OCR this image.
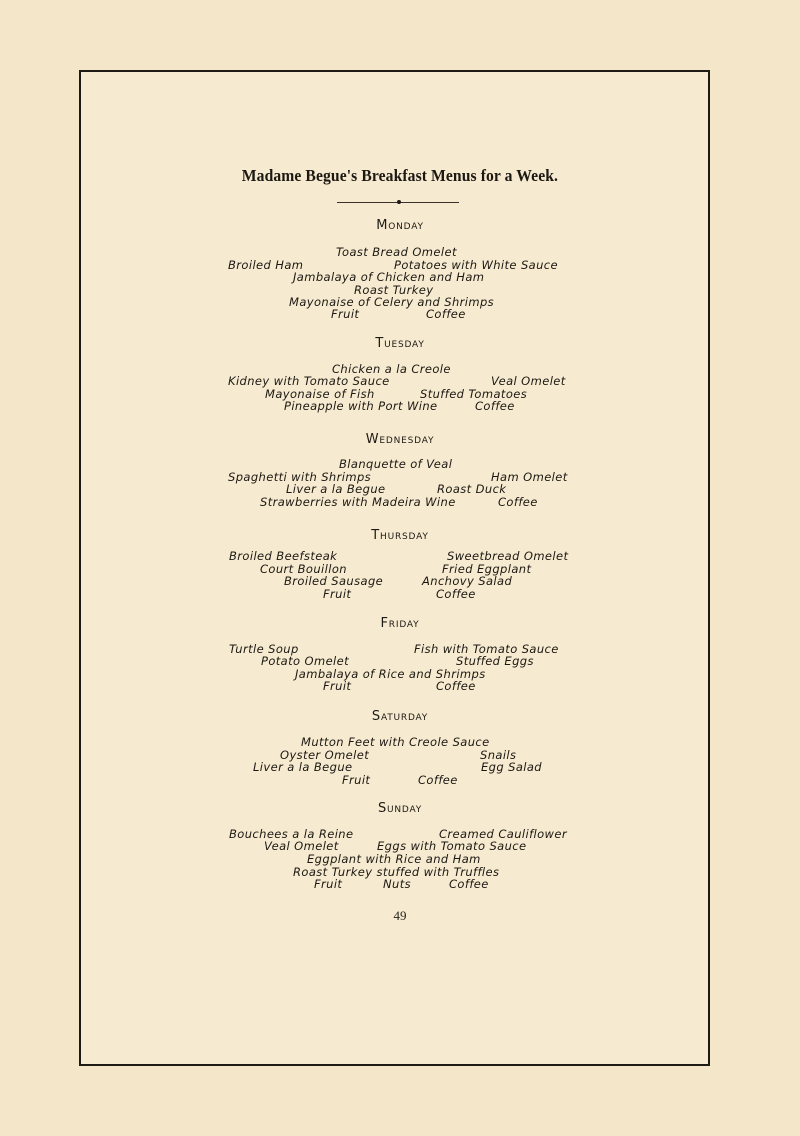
Madame Begue's Breakfast Menus for a Week.
Monday
Toast Bread Omelet
Broiled Ham	Potatoes with White Sauce
Jambalaya of Chicken and Ham
Roast Turkey
Mayonaise of Celery and Shrimps
Fruit	Coffee
Tuesday
Chicken a la Creole
Kidney with Tomato Sauce	Veal Omelet
Mayonaise of Fish	Stuffed Tomatoes
Pineapple with Port Wine	Coffee
Wednesday
Blanquette of Veal
Spaghetti with Shrimps	Ham Omelet
Liver a la Begue	Roast Duck
Strawberries with Madeira Wine	Coffee
Thursday
Broiled Beefsteak	Sweetbread Omelet
Court Bouillon	Fried Eggplant
Broiled Sausage	Anchovy Salad
Fruit	Coffee
Friday
Turtle Soup	Fish with Tomato Sauce
Potato Omelet	Stuffed Eggs
Jambalaya of Rice and Shrimps
Fruit	Coffee
Saturday
Mutton Feet with Creole Sauce
Oyster Omelet	Snails
Liver a la Begue	Egg Salad
Fruit	Coffee
Sunday
Bouchees a la Reine	Creamed Cauliflower
Veal Omelet	Eggs with Tomato Sauce
Eggplant with Rice and Ham
Roast Turkey stuffed with Truffles
Fruit	Nuts	Coffee
49
